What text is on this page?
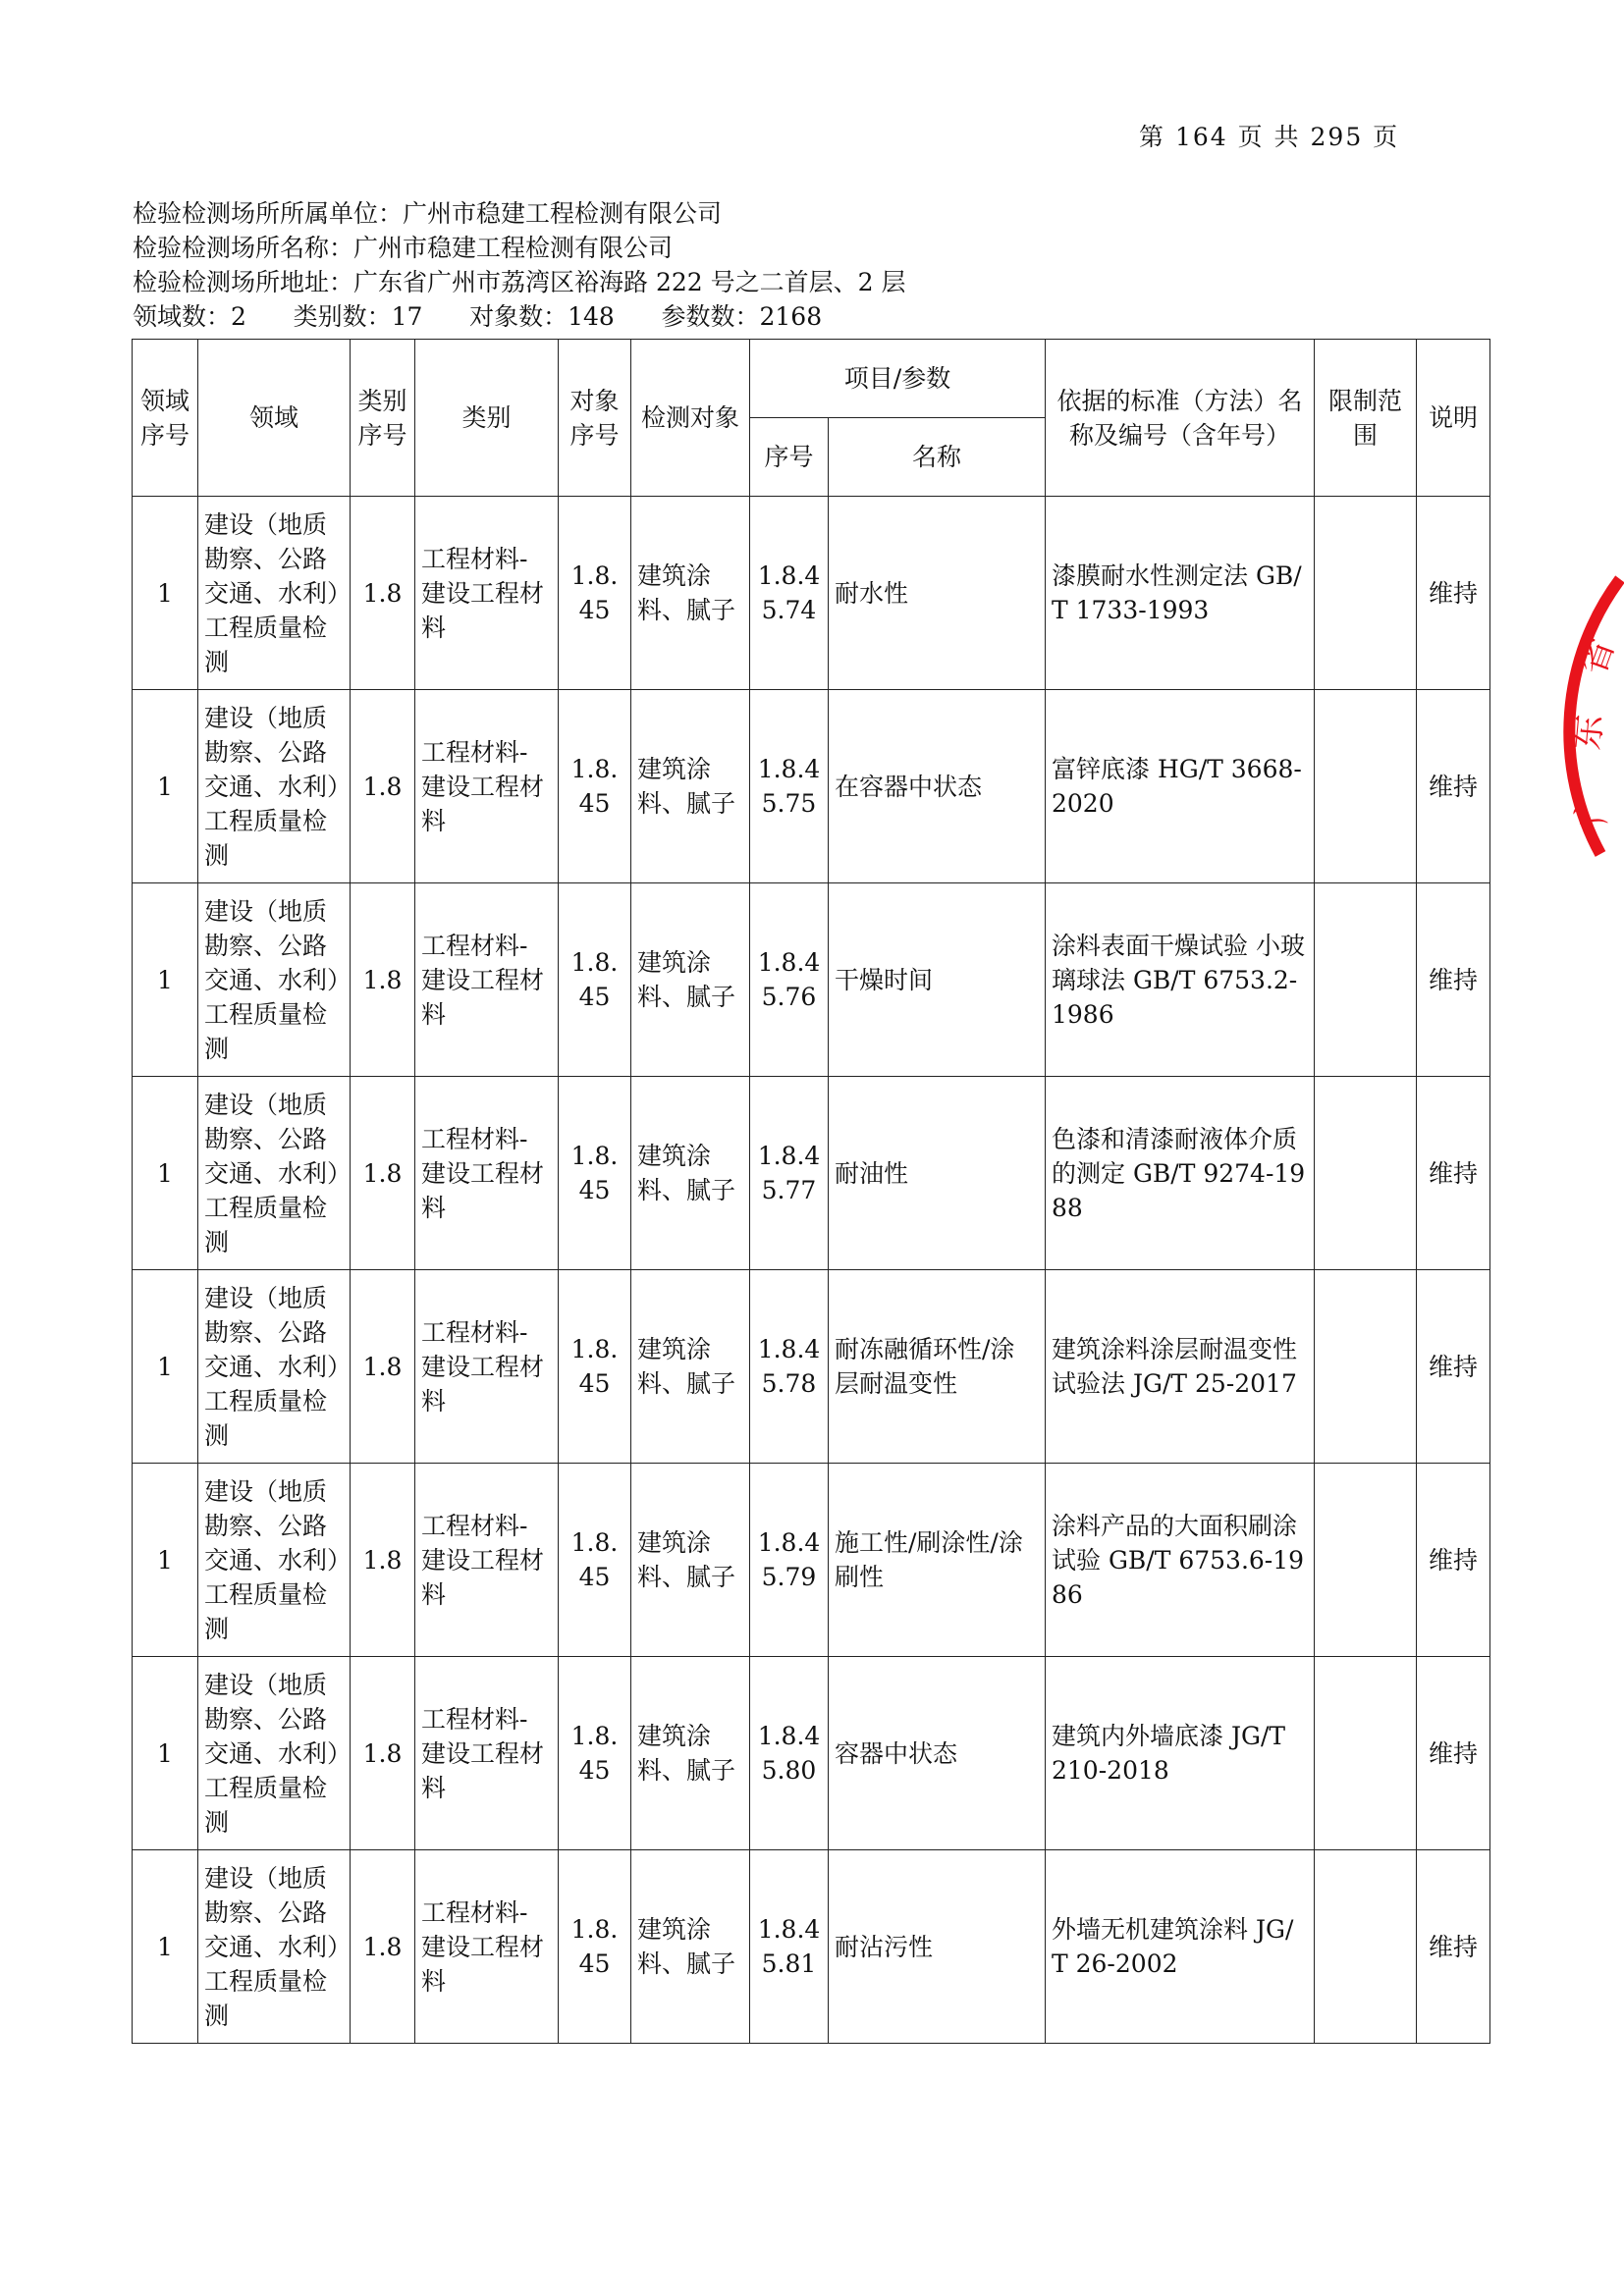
第 164 页 共 295 页
检验检测场所所属单位：广州市稳建工程检测有限公司
检验检测场所名称：广州市稳建工程检测有限公司
检验检测场所地址：广东省广州市荔湾区裕海路 222 号之二首层、2 层
领域数：2      类别数：17      对象数：148      参数数：2168
领域序号	领域	类别序号	类别	对象序号	检测对象	项目/参数		依据的标准（方法）名称及编号（含年号）	限制范围	说明
						序号	名称			
1	建设（地质勘察、公路交通、水利）工程质量检测	1.8	工程材料-建设工程材料	1.8.45	建筑涂料、腻子	1.8.45.74	耐水性	漆膜耐水性测定法 GB/T 1733-1993		维持
1	建设（地质勘察、公路交通、水利）工程质量检测	1.8	工程材料-建设工程材料	1.8.45	建筑涂料、腻子	1.8.45.75	在容器中状态	富锌底漆 HG/T 3668-2020		维持
1	建设（地质勘察、公路交通、水利）工程质量检测	1.8	工程材料-建设工程材料	1.8.45	建筑涂料、腻子	1.8.45.76	干燥时间	涂料表面干燥试验 小玻璃球法 GB/T 6753.2-1986		维持
1	建设（地质勘察、公路交通、水利）工程质量检测	1.8	工程材料-建设工程材料	1.8.45	建筑涂料、腻子	1.8.45.77	耐油性	色漆和清漆耐液体介质的测定 GB/T 9274-1988		维持
1	建设（地质勘察、公路交通、水利）工程质量检测	1.8	工程材料-建设工程材料	1.8.45	建筑涂料、腻子	1.8.45.78	耐冻融循环性/涂层耐温变性	建筑涂料涂层耐温变性试验法 JG/T 25-2017		维持
1	建设（地质勘察、公路交通、水利）工程质量检测	1.8	工程材料-建设工程材料	1.8.45	建筑涂料、腻子	1.8.45.79	施工性/刷涂性/涂刷性	涂料产品的大面积刷涂试验 GB/T 6753.6-1986		维持
1	建设（地质勘察、公路交通、水利）工程质量检测	1.8	工程材料-建设工程材料	1.8.45	建筑涂料、腻子	1.8.45.80	容器中状态	建筑内外墙底漆 JG/T 210-2018		维持
1	建设（地质勘察、公路交通、水利）工程质量检测	1.8	工程材料-建设工程材料	1.8.45	建筑涂料、腻子	1.8.45.81	耐沾污性	外墙无机建筑涂料 JG/T 26-2002		维持
省
东
广
